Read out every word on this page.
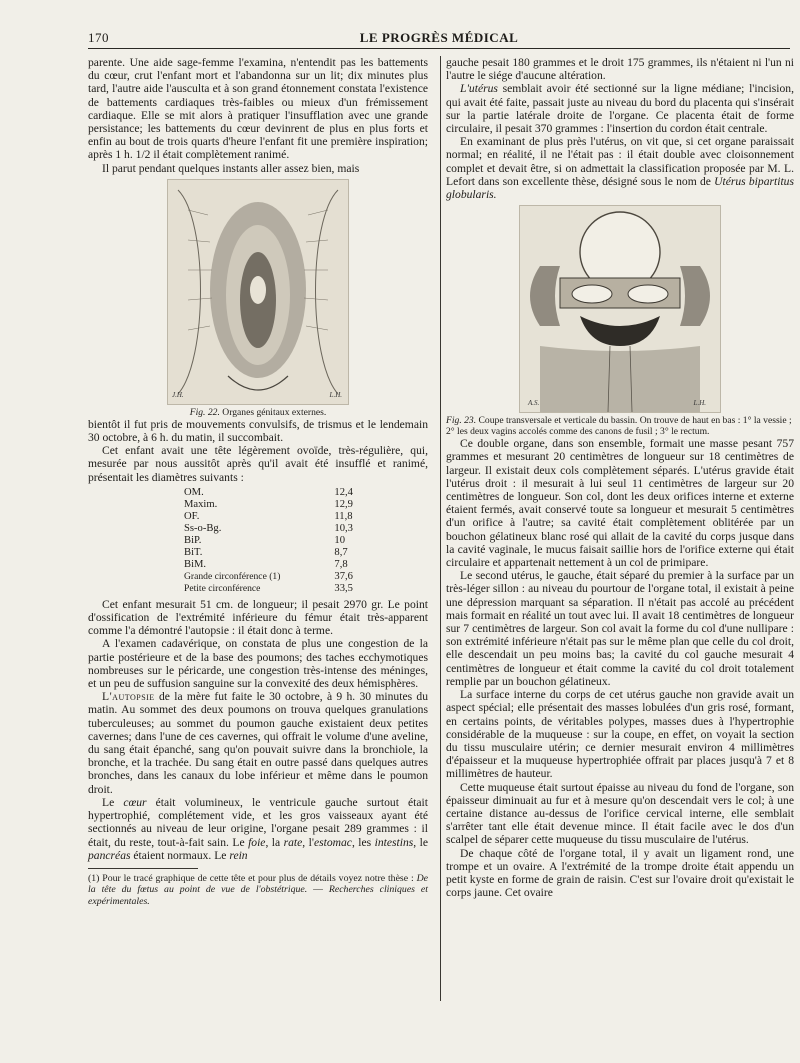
170	LE PROGRÈS MÉDICAL

parente. Une aide sage-femme l'examina, n'entendit pas les battements du cœur, crut l'enfant mort et l'abandonna sur un lit; dix minutes plus tard, l'autre aide l'ausculta et à son grand étonnement constata l'existence de battements cardiaques très-faibles ou mieux d'un frémissement cardiaque. Elle se mit alors à pratiquer l'insufflation avec une grande persistance; les battements du cœur devinrent de plus en plus forts et enfin au bout de trois quarts d'heure l'enfant fit une première inspiration; après 1 h. 1/2 il était complètement ranimé.

Il parut pendant quelques instants aller assez bien, mais

J.H.	L.H.
Fig. 22. Organes génitaux externes.

bientôt il fut pris de mouvements convulsifs, de trismus et le lendemain 30 octobre, à 6 h. du matin, il succombait.

Cet enfant avait une tête légèrement ovoïde, très-régulière, qui, mesurée par nous aussitôt après qu'il avait été insufflé et ranimé, présentait les diamètres suivants :

OM.	12,4
Maxim.	12,9
OF.	11,8
Ss-o-Bg.	10,3
BiP.	10
BiT.	8,7
BiM.	7,8
Grande circonférence (1)	37,6
Petite circonférence	33,5

Cet enfant mesurait 51 cm. de longueur; il pesait 2970 gr. Le point d'ossification de l'extrémité inférieure du fémur était très-apparent comme l'a démontré l'autopsie : il était donc à terme.

A l'examen cadavérique, on constata de plus une congestion de la partie postérieure et de la base des poumons; des taches ecchymotiques nombreuses sur le péricarde, une congestion très-intense des méninges, et un peu de suffusion sanguine sur la convexité des deux hémisphères.

L'autopsie de la mère fut faite le 30 octobre, à 9 h. 30 minutes du matin. Au sommet des deux poumons on trouva quelques granulations tuberculeuses; au sommet du poumon gauche existaient deux petites cavernes; dans l'une de ces cavernes, qui offrait le volume d'une aveline, du sang était épanché, sang qu'on pouvait suivre dans la bronchiole, la bronche, et la trachée. Du sang était en outre passé dans quelques autres bronches, dans les canaux du lobe inférieur et même dans le poumon droit.

Le cœur était volumineux, le ventricule gauche surtout était hypertrophié, complétement vide, et les gros vaisseaux ayant été sectionnés au niveau de leur origine, l'organe pesait 289 grammes : il était, du reste, tout-à-fait sain. Le foie, la rate, l'estomac, les intestins, le pancréas étaient normaux. Le rein

(1) Pour le tracé graphique de cette tête et pour plus de détails voyez notre thèse : De la tête du fœtus au point de vue de l'obstétrique. — Recherches cliniques et expérimentales.

gauche pesait 180 grammes et le droit 175 grammes, ils n'étaient ni l'un ni l'autre le siége d'aucune altération.

L'utérus semblait avoir été sectionné sur la ligne médiane; l'incision, qui avait été faite, passait juste au niveau du bord du placenta qui s'insérait sur la partie latérale droite de l'organe. Ce placenta était de forme circulaire, il pesait 370 grammes : l'insertion du cordon était centrale.

En examinant de plus près l'utérus, on vit que, si cet organe paraissait normal; en réalité, il ne l'était pas : il était double avec cloisonnement complet et devait être, si on admettait la classification proposée par M. L. Lefort dans son excellente thèse, désigné sous le nom de Utérus bipartitus globularis.

A.S.	L.H.
Fig. 23. Coupe transversale et verticale du bassin. On trouve de haut en bas : 1° la vessie ; 2° les deux vagins accolés comme des canons de fusil ; 3° le rectum.

Ce double organe, dans son ensemble, formait une masse pesant 757 grammes et mesurant 20 centimètres de longueur sur 18 centimètres de largeur. Il existait deux cols complètement séparés. L'utérus gravide était l'utérus droit : il mesurait à lui seul 11 centimètres de largeur sur 20 centimètres de longueur. Son col, dont les deux orifices interne et externe étaient fermés, avait conservé toute sa longueur et mesurait 5 centimètres d'un orifice à l'autre; sa cavité était complètement oblitérée par un bouchon gélatineux blanc rosé qui allait de la cavité du corps jusque dans la cavité vaginale, le mucus faisait saillie hors de l'orifice externe qui était circulaire et appartenait nettement à un col de primipare.

Le second utérus, le gauche, était séparé du premier à la surface par un très-léger sillon : au niveau du pourtour de l'organe total, il existait à peine une dépression marquant sa séparation. Il n'était pas accolé au précédent mais formait en réalité un tout avec lui. Il avait 18 centimètres de longueur sur 7 centimètres de largeur. Son col avait la forme du col d'une nullipare : son extrémité inférieure n'était pas sur le même plan que celle du col droit, elle descendait un peu moins bas; la cavité du col gauche mesurait 4 centimètres de longueur et était comme la cavité du col droit totalement remplie par un bouchon gélatineux.

La surface interne du corps de cet utérus gauche non gravide avait un aspect spécial; elle présentait des masses lobulées d'un gris rosé, formant, en certains points, de véritables polypes, masses dues à l'hypertrophie considérable de la muqueuse : sur la coupe, en effet, on voyait la section du tissu musculaire utérin; ce dernier mesurait environ 4 millimètres d'épaisseur et la muqueuse hypertrophiée offrait par places jusqu'à 7 et 8 millimètres de hauteur.

Cette muqueuse était surtout épaisse au niveau du fond de l'organe, son épaisseur diminuait au fur et à mesure qu'on descendait vers le col; à une certaine distance au-dessus de l'orifice cervical interne, elle semblait s'arrêter tant elle était devenue mince. Il était facile avec le dos d'un scalpel de séparer cette muqueuse du tissu musculaire de l'utérus.

De chaque côté de l'organe total, il y avait un ligament rond, une trompe et un ovaire. A l'extrémité de la trompe droite était appendu un petit kyste en forme de grain de raisin. C'est sur l'ovaire droit qu'existait le corps jaune. Cet ovaire
